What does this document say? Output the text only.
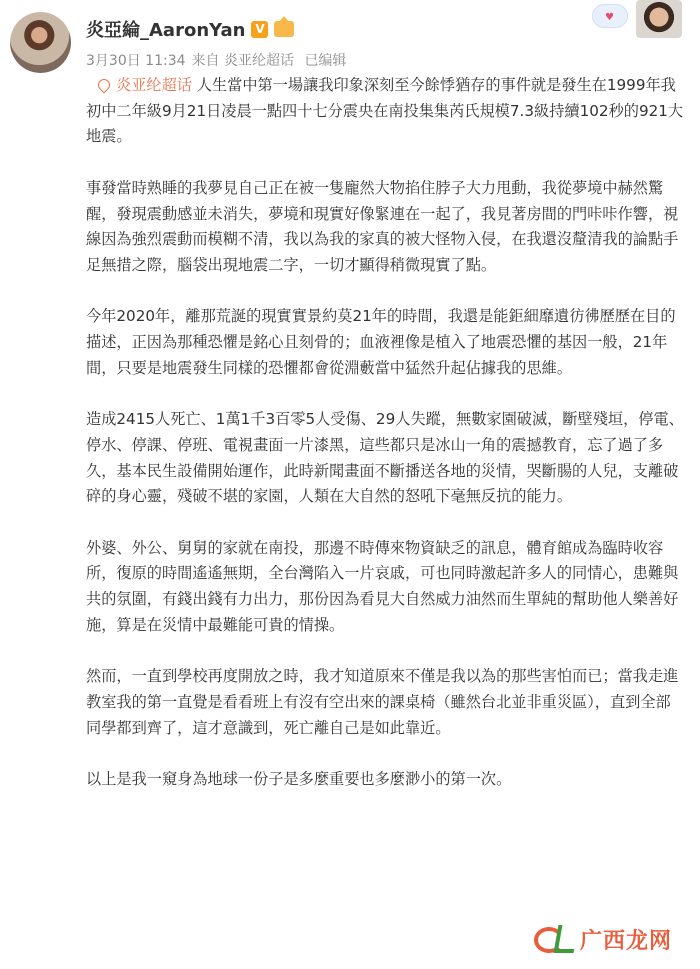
炎亞綸_AaronYan V
3月30日 11:34 来自 炎亚纶超话 已编辑
♥

炎亚纶超话 人生當中第一場讓我印象深刻至今餘悸猶存的事件就是發生在1999年我初中二年級9月21日凌晨一點四十七分震央在南投集集芮氏規模7.3級持續102秒的921大地震。

事發當時熟睡的我夢見自己正在被一隻龐然大物掐住脖子大力甩動，我從夢境中赫然驚醒，發現震動感並未消失，夢境和現實好像緊連在一起了，我見著房間的門咔咔作響，視線因為強烈震動而模糊不清，我以為我的家真的被大怪物入侵，在我還沒釐清我的論點手足無措之際，腦袋出現地震二字，一切才顯得稍微現實了點。

今年2020年，離那荒誕的現實實景約莫21年的時間，我還是能鉅細靡遺彷彿歷歷在目的描述，正因為那種恐懼是銘心且刻骨的；血液裡像是植入了地震恐懼的基因一般，21年間，只要是地震發生同樣的恐懼都會從淵藪當中猛然升起佔據我的思維。

造成2415人死亡、1萬1千3百零5人受傷、29人失蹤，無數家園破滅，斷壁殘垣，停電、停水、停課、停班、電視畫面一片漆黑，這些都只是冰山一角的震撼教育，忘了過了多久，基本民生設備開始運作，此時新聞畫面不斷播送各地的災情，哭斷腸的人兒，支離破碎的身心靈，殘破不堪的家園，人類在大自然的怒吼下毫無反抗的能力。

外婆、外公、舅舅的家就在南投，那邊不時傳來物資缺乏的訊息，體育館成為臨時收容所，復原的時間遙遙無期，全台灣陷入一片哀戚，可也同時激起許多人的同情心，患難與共的氛圍，有錢出錢有力出力，那份因為看見大自然威力油然而生單純的幫助他人樂善好施，算是在災情中最難能可貴的情操。

然而，一直到學校再度開放之時，我才知道原來不僅是我以為的那些害怕而已；當我走進教室我的第一直覺是看看班上有沒有空出來的課桌椅（雖然台北並非重災區），直到全部同學都到齊了，這才意識到，死亡離自己是如此靠近。

以上是我一窺身為地球一份子是多麼重要也多麼渺小的第一次。

广西龙网
